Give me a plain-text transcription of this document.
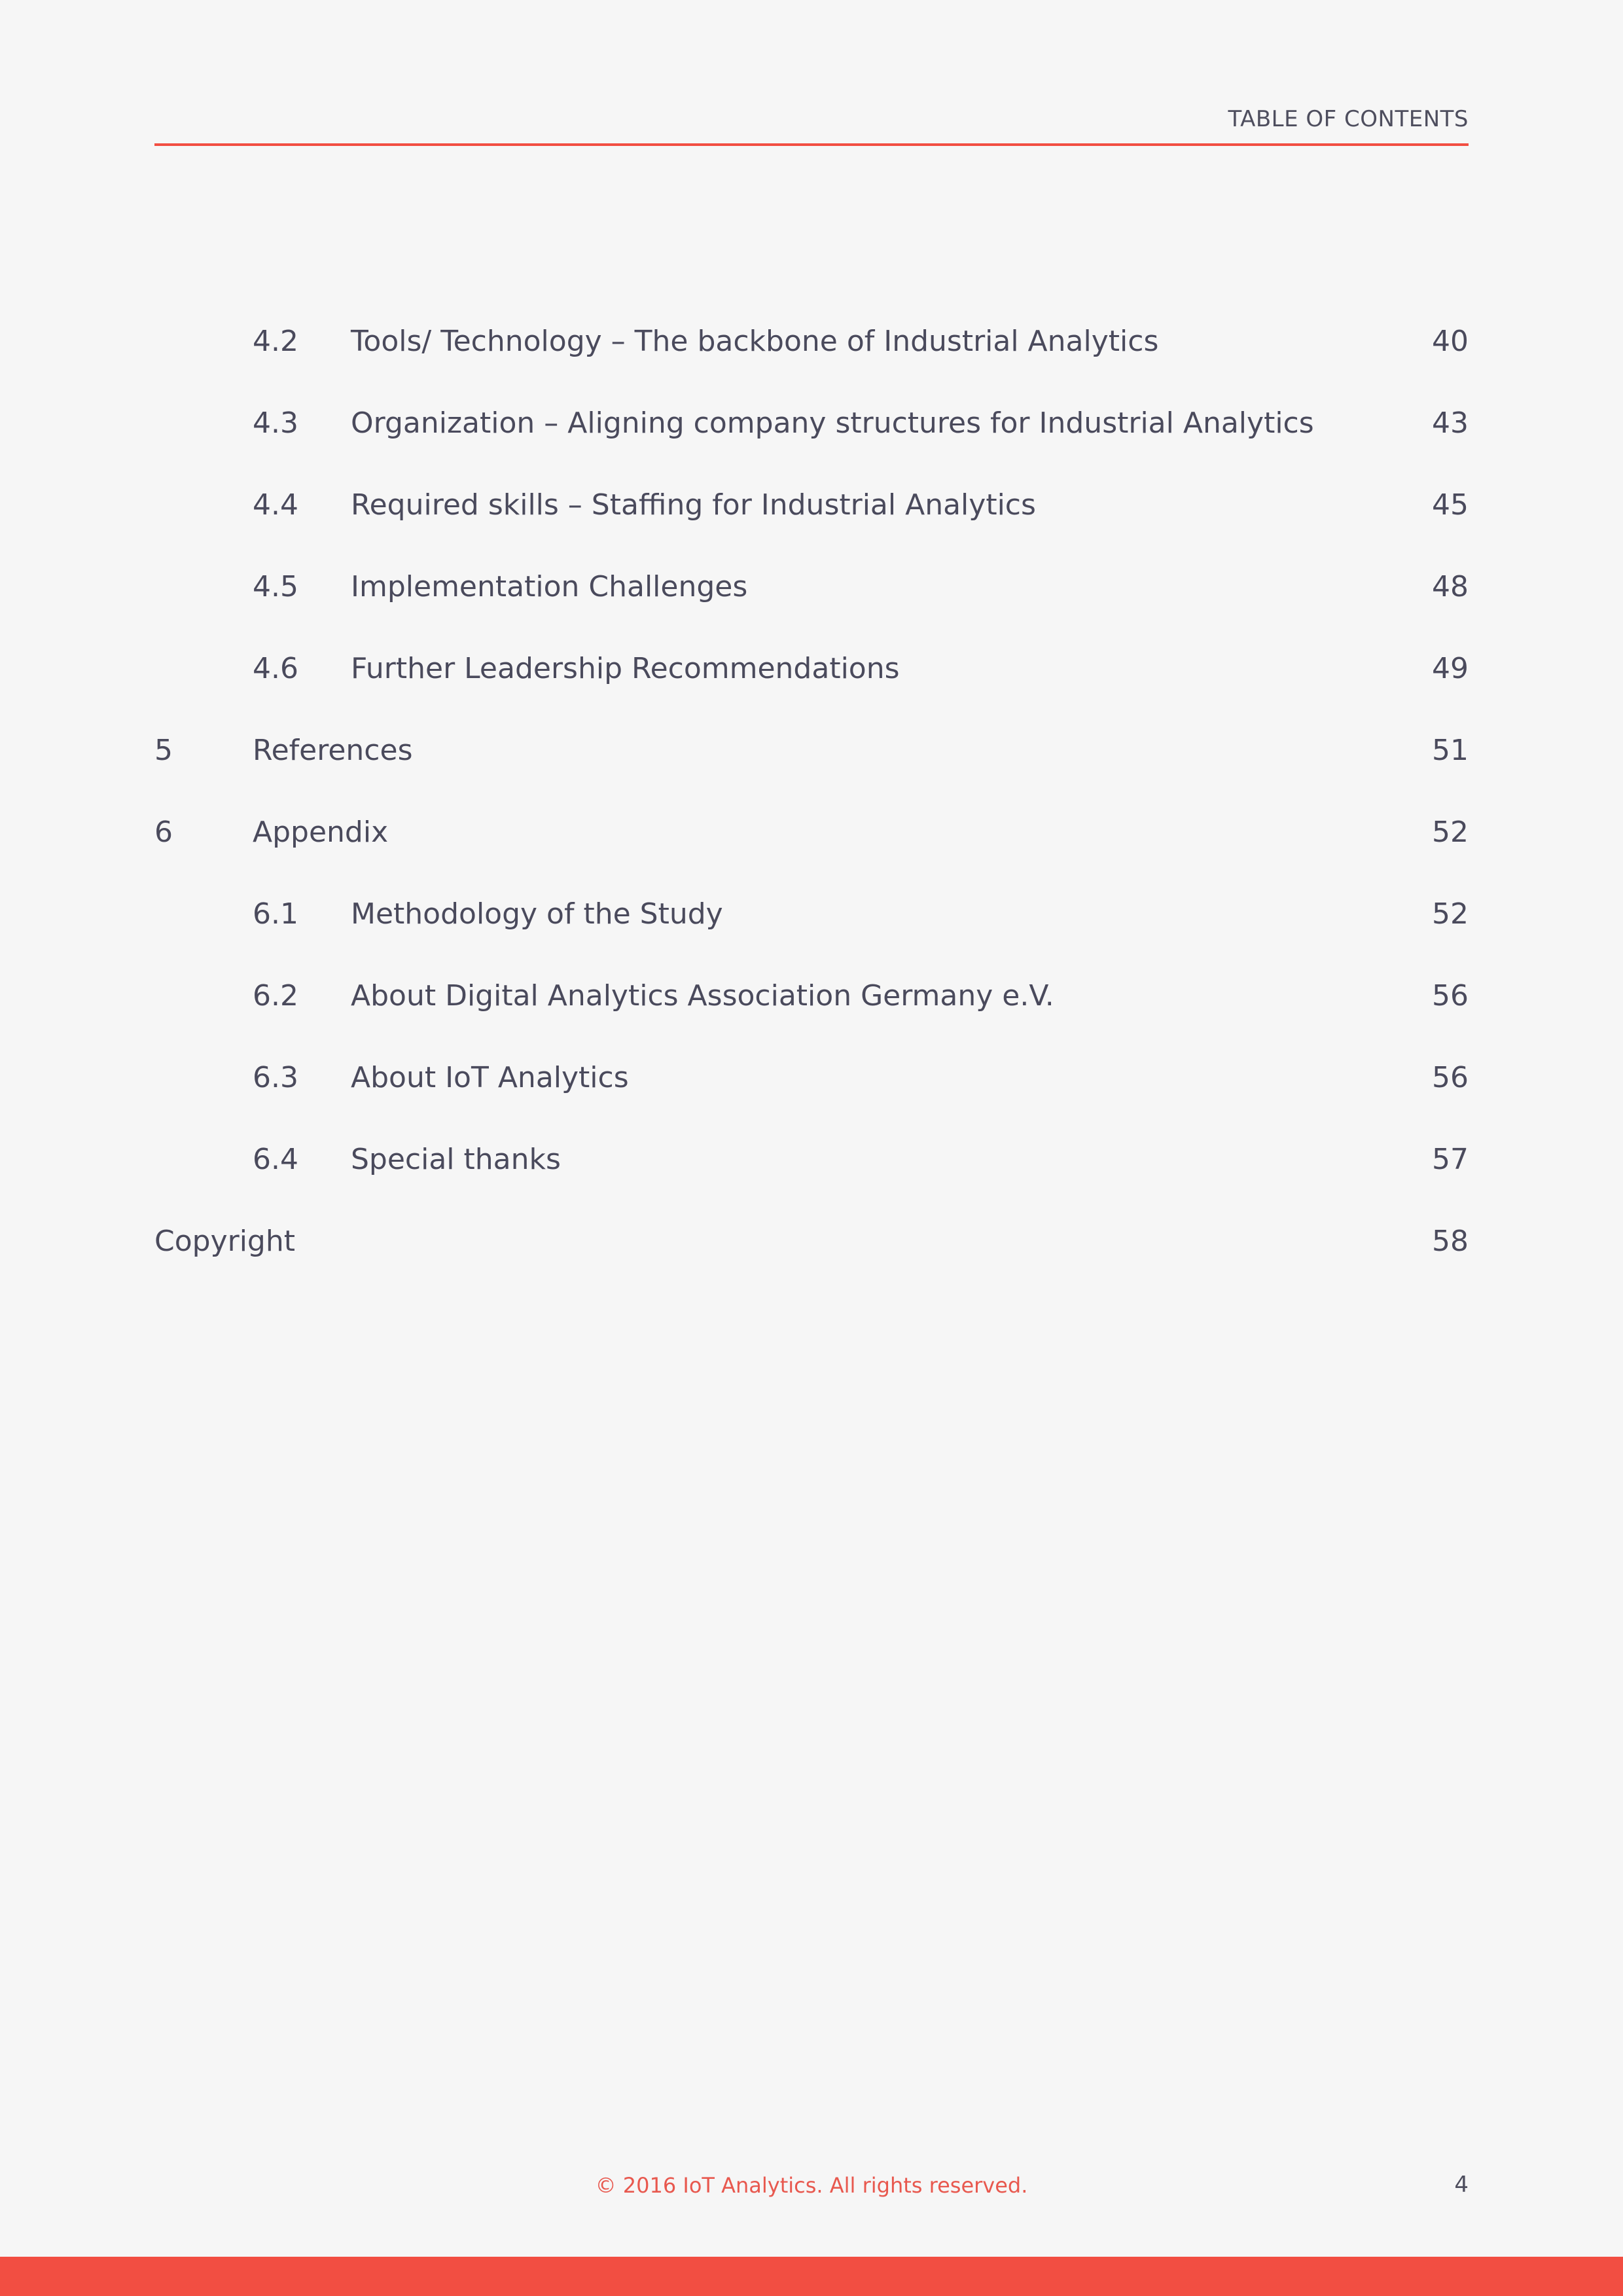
TABLE OF CONTENTS
4.2 Tools/ Technology – The backbone of Industrial Analytics	40
4.3 Organization – Aligning company structures for Industrial Analytics	43
4.4 Required skills – Staffing for Industrial Analytics	45
4.5 Implementation Challenges	48
4.6 Further Leadership Recommendations	49
5	References	51
6	Appendix	52
6.1 Methodology of the Study	52
6.2 About Digital Analytics Association Germany e.V.	56
6.3 About IoT Analytics	56
6.4 Special thanks	57
Copyright	58
© 2016 IoT Analytics. All rights reserved.	4
